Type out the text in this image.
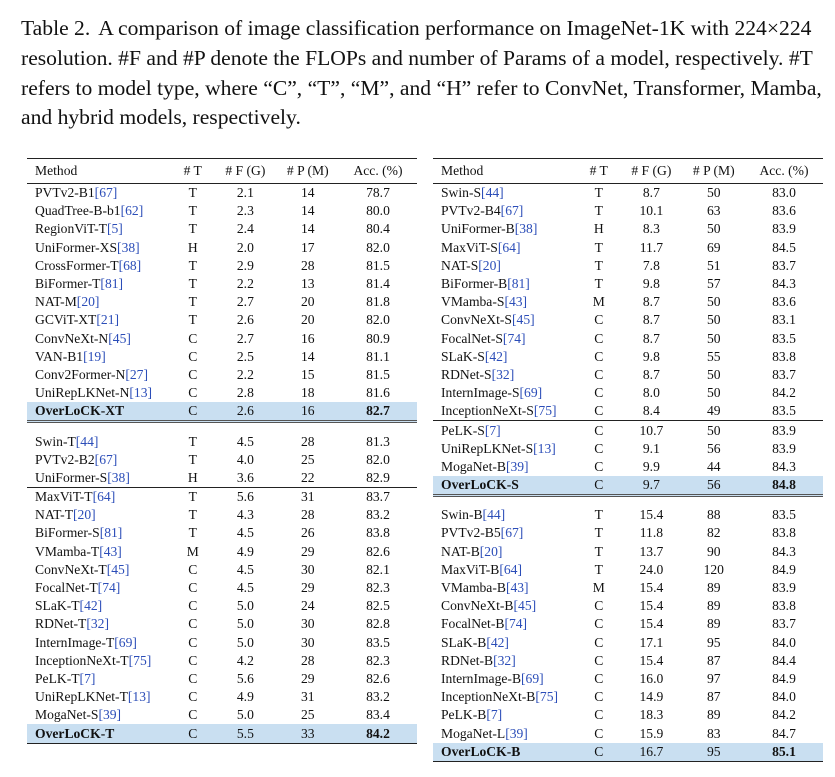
Table 2. A comparison of image classification performance on ImageNet-1K with 224×224 resolution. #F and #P denote the FLOPs and number of Params of a model, respectively. #T refers to model type, where “C”, “T”, “M”, and “H” refer to ConvNet, Transformer, Mamba, and hybrid models, respectively.

Method	# T	# F (G)	# P (M)	Acc. (%)
PVTv2-B1[67]	T	2.1	14	78.7
QuadTree-B-b1[62]	T	2.3	14	80.0
RegionViT-T[5]	T	2.4	14	80.4
UniFormer-XS[38]	H	2.0	17	82.0
CrossFormer-T[68]	T	2.9	28	81.5
BiFormer-T[81]	T	2.2	13	81.4
NAT-M[20]	T	2.7	20	81.8
GCViT-XT[21]	T	2.6	20	82.0
ConvNeXt-N[45]	C	2.7	16	80.9
VAN-B1[19]	C	2.5	14	81.1
Conv2Former-N[27]	C	2.2	15	81.5
UniRepLKNet-N[13]	C	2.8	18	81.6
OverLoCK-XT	C	2.6	16	82.7

Swin-T[44]	T	4.5	28	81.3
PVTv2-B2[67]	T	4.0	25	82.0
UniFormer-S[38]	H	3.6	22	82.9
MaxViT-T[64]	T	5.6	31	83.7
NAT-T[20]	T	4.3	28	83.2
BiFormer-S[81]	T	4.5	26	83.8
VMamba-T[43]	M	4.9	29	82.6
ConvNeXt-T[45]	C	4.5	30	82.1
FocalNet-T[74]	C	4.5	29	82.3
SLaK-T[42]	C	5.0	24	82.5
RDNet-T[32]	C	5.0	30	82.8
InternImage-T[69]	C	5.0	30	83.5
InceptionNeXt-T[75]	C	4.2	28	82.3
PeLK-T[7]	C	5.6	29	82.6
UniRepLKNet-T[13]	C	4.9	31	83.2
MogaNet-S[39]	C	5.0	25	83.4
OverLoCK-T	C	5.5	33	84.2
Method	# T	# F (G)	# P (M)	Acc. (%)
Swin-S[44]	T	8.7	50	83.0
PVTv2-B4[67]	T	10.1	63	83.6
UniFormer-B[38]	H	8.3	50	83.9
MaxViT-S[64]	T	11.7	69	84.5
NAT-S[20]	T	7.8	51	83.7
BiFormer-B[81]	T	9.8	57	84.3
VMamba-S[43]	M	8.7	50	83.6
ConvNeXt-S[45]	C	8.7	50	83.1
FocalNet-S[74]	C	8.7	50	83.5
SLaK-S[42]	C	9.8	55	83.8
RDNet-S[32]	C	8.7	50	83.7
InternImage-S[69]	C	8.0	50	84.2
InceptionNeXt-S[75]	C	8.4	49	83.5
PeLK-S[7]	C	10.7	50	83.9
UniRepLKNet-S[13]	C	9.1	56	83.9
MogaNet-B[39]	C	9.9	44	84.3
OverLoCK-S	C	9.7	56	84.8

Swin-B[44]	T	15.4	88	83.5
PVTv2-B5[67]	T	11.8	82	83.8
NAT-B[20]	T	13.7	90	84.3
MaxViT-B[64]	T	24.0	120	84.9
VMamba-B[43]	M	15.4	89	83.9
ConvNeXt-B[45]	C	15.4	89	83.8
FocalNet-B[74]	C	15.4	89	83.7
SLaK-B[42]	C	17.1	95	84.0
RDNet-B[32]	C	15.4	87	84.4
InternImage-B[69]	C	16.0	97	84.9
InceptionNeXt-B[75]	C	14.9	87	84.0
PeLK-B[7]	C	18.3	89	84.2
MogaNet-L[39]	C	15.9	83	84.7
OverLoCK-B	C	16.7	95	85.1
